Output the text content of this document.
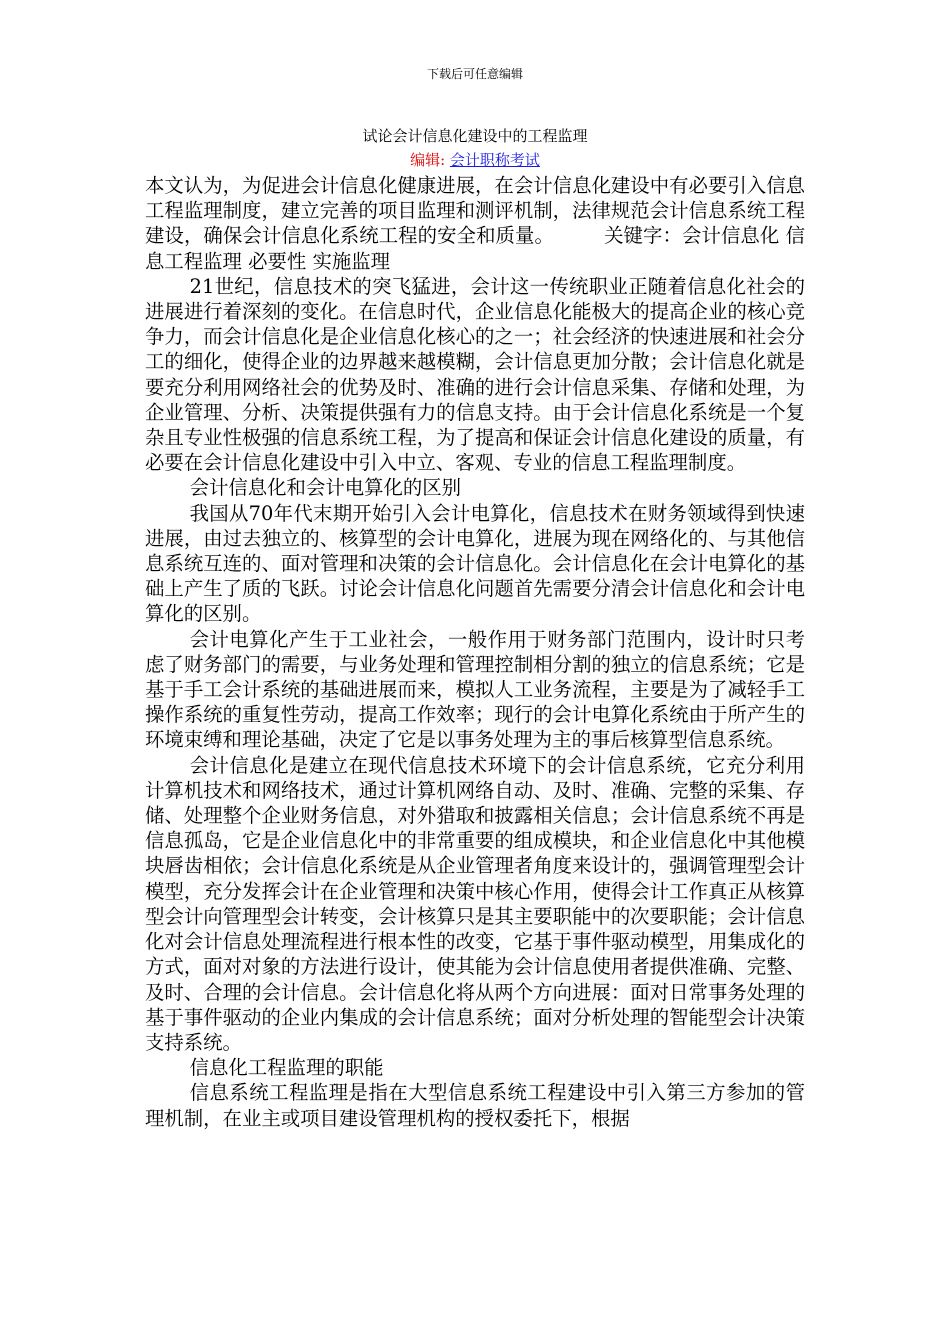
下载后可任意编辑
试论会计信息化建设中的工程监理
编辑: 会计职称考试

本文认为，为促进会计信息化健康进展，在会计信息化建设中有必要引入信息工程监理制度，建立完善的项目监理和测评机制，法律规范会计信息系统工程建设，确保会计信息化系统工程的安全和质量。	关键字：会计信息化 信息工程监理 必要性 实施监理

21世纪，信息技术的突飞猛进，会计这一传统职业正随着信息化社会的进展进行着深刻的变化。在信息时代，企业信息化能极大的提高企业的核心竞争力，而会计信息化是企业信息化核心的之一；社会经济的快速进展和社会分工的细化，使得企业的边界越来越模糊，会计信息更加分散；会计信息化就是要充分利用网络社会的优势及时、准确的进行会计信息采集、存储和处理，为企业管理、分析、决策提供强有力的信息支持。由于会计信息化系统是一个复杂且专业性极强的信息系统工程，为了提高和保证会计信息化建设的质量，有必要在会计信息化建设中引入中立、客观、专业的信息工程监理制度。

会计信息化和会计电算化的区别

我国从70年代末期开始引入会计电算化，信息技术在财务领域得到快速进展，由过去独立的、核算型的会计电算化，进展为现在网络化的、与其他信息系统互连的、面对管理和决策的会计信息化。会计信息化在会计电算化的基础上产生了质的飞跃。讨论会计信息化问题首先需要分清会计信息化和会计电算化的区别。

会计电算化产生于工业社会，一般作用于财务部门范围内，设计时只考虑了财务部门的需要，与业务处理和管理控制相分割的独立的信息系统；它是基于手工会计系统的基础进展而来，模拟人工业务流程，主要是为了减轻手工操作系统的重复性劳动，提高工作效率；现行的会计电算化系统由于所产生的环境束缚和理论基础，决定了它是以事务处理为主的事后核算型信息系统。

会计信息化是建立在现代信息技术环境下的会计信息系统，它充分利用计算机技术和网络技术，通过计算机网络自动、及时、准确、完整的采集、存储、处理整个企业财务信息，对外猎取和披露相关信息；会计信息系统不再是信息孤岛，它是企业信息化中的非常重要的组成模块，和企业信息化中其他模块唇齿相依；会计信息化系统是从企业管理者角度来设计的，强调管理型会计模型，充分发挥会计在企业管理和决策中核心作用，使得会计工作真正从核算型会计向管理型会计转变，会计核算只是其主要职能中的次要职能；会计信息化对会计信息处理流程进行根本性的改变，它基于事件驱动模型，用集成化的方式，面对对象的方法进行设计，使其能为会计信息使用者提供准确、完整、及时、合理的会计信息。会计信息化将从两个方向进展：面对日常事务处理的基于事件驱动的企业内集成的会计信息系统；面对分析处理的智能型会计决策支持系统。

信息化工程监理的职能

信息系统工程监理是指在大型信息系统工程建设中引入第三方参加的管理机制，在业主或项目建设管理机构的授权委托下，根据
